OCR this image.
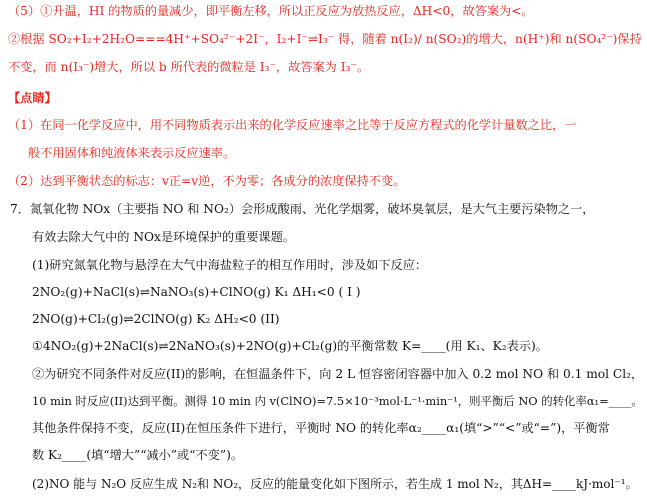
（5）①升温，HI 的物质的量减少，即平衡左移，所以正反应为放热反应，ΔH<0，故答案为<。
②根据 SO₂+I₂+2H₂O===4H⁺+SO₄²⁻+2I⁻，I₂+I⁻⇌I₃⁻ 得，随着 n(I₂)/ n(SO₂)的增大，n(H⁺)和 n(SO₄²⁻)保持
不变，而 n(I₃⁻)增大，所以 b 所代表的微粒是 I₃⁻，故答案为 I₃⁻。
【点睛】
（1）在同一化学反应中，用不同物质表示出来的化学反应速率之比等于反应方程式的化学计量数之比，一
般不用固体和纯液体来表示反应速率。
（2）达到平衡状态的标志：v正=v逆，不为零；各成分的浓度保持不变。
7．氮氧化物 NOx（主要指 NO 和 NO₂）会形成酸雨、光化学烟雾，破坏臭氧层，是大气主要污染物之一，
有效去除大气中的 NOx是环境保护的重要课题。
(1)研究氮氧化物与悬浮在大气中海盐粒子的相互作用时，涉及如下反应：
2NO₂(g)+NaCl(s)⇌NaNO₃(s)+ClNO(g) K₁ ΔH₁<0 ( I )
2NO(g)+Cl₂(g)⇌2ClNO(g) K₂ ΔH₂<0 (II)
①4NO₂(g)+2NaCl(s)⇌2NaNO₃(s)+2NO(g)+Cl₂(g)的平衡常数 K=____(用 K₁、K₂表示)。
②为研究不同条件对反应(II)的影响，在恒温条件下，向 2 L 恒容密闭容器中加入 0.2 mol NO 和 0.1 mol Cl₂，
10 min 时反应(II)达到平衡。测得 10 min 内 v(ClNO)=7.5×10⁻³mol·L⁻¹·min⁻¹，则平衡后 NO 的转化率α₁=____。
其他条件保持不变，反应(II)在恒压条件下进行，平衡时 NO 的转化率α₂____α₁(填“>”“<”或“=”)，平衡常
数 K₂____(填“增大”“减小”或“不变”)。
(2)NO 能与 N₂O 反应生成 N₂和 NO₂，反应的能量变化如下图所示，若生成 1 mol N₂，其ΔH=____kJ·mol⁻¹。
